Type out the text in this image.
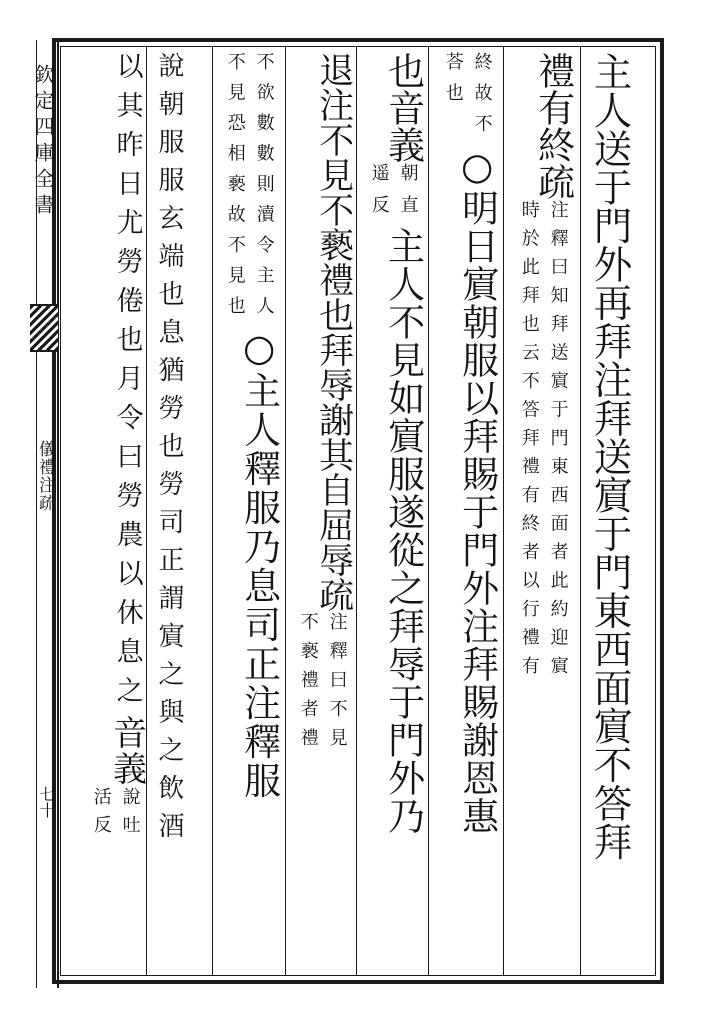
欽定四庫全書
儀禮注疏
七十	主人送于門外再拜注拜送賔于門東西面賔不答拜
禮有終疏注釋曰知拜送賔于門東西面者此約迎賔
時於此拜也云不答拜禮有終者以行禮有
終故不
荅也○明日賔朝服以拜賜于門外注拜賜謝恩惠
也音義朝直
遥反主人不見如賔服遂從之拜辱于門外乃
退注不見不褻禮也拜辱謝其自屈辱疏注釋曰不見
不褻禮者禮
不欲數數則瀆令主人
不見恐相褻故不見也○主人釋服乃息司正注釋服
說朝服服玄端也息猶勞也勞司正謂賔之與之飲酒
以其昨日尤勞倦也月令曰勞農以休息之音義說吐
活反
